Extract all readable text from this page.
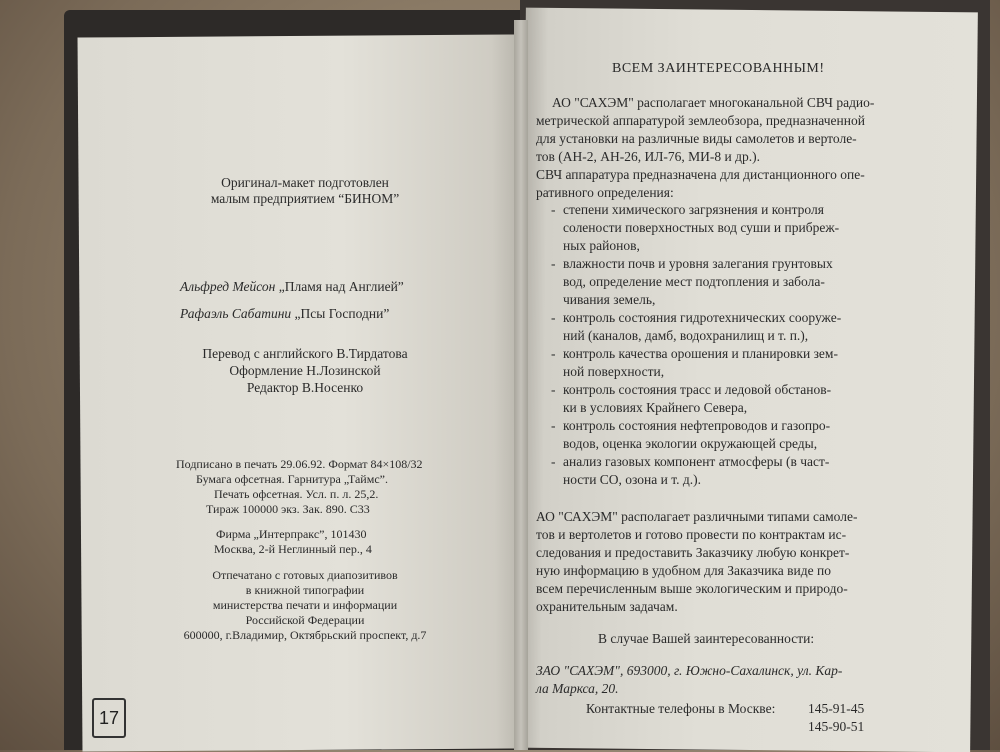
Оригинал-макет подготовлен
малым предприятием “БИНОМ”
Альфред Мейсон „Пламя над Англией”
Рафаэль Сабатини „Псы Господни”
Перевод с английского В.Тирдатова
Оформление Н.Лозинской
Редактор В.Носенко
Подписано в печать 29.06.92. Формат 84×108/32
Бумага офсетная. Гарнитура „Таймс”.
Печать офсетная. Усл. п. л. 25,2.
Тираж 100000 экз. Зак. 890. С33
Фирма „Интерпракс”, 101430
Москва, 2-й Неглинный пер., 4
Отпечатано с готовых диапозитивов
в книжной типографии
министерства печати и информации
Российской Федерации
600000, г.Владимир, Октябрьский проспект, д.7
17
ВСЕМ ЗАИНТЕРЕСОВАННЫМ!
АО "САХЭМ" располагает многоканальной СВЧ радио-
метрической аппаратурой землеобзора, предназначенной
для установки на различные виды самолетов и вертоле-
тов (АН-2, АН-26, ИЛ-76, МИ-8 и др.).
СВЧ аппаратура предназначена для дистанционного опе-
ративного определения:
- степени химического загрязнения и контроля
солености поверхностных вод суши и прибреж-
ных районов,
- влажности почв и уровня залегания грунтовых
вод, определение мест подтопления и забола-
чивания земель,
- контроль состояния гидротехнических сооруже-
ний (каналов, дамб, водохранилищ и т. п.),
- контроль качества орошения и планировки зем-
ной поверхности,
- контроль состояния трасс и ледовой обстанов-
ки в условиях Крайнего Севера,
- контроль состояния нефтепроводов и газопро-
водов, оценка экологии окружающей среды,
- анализ газовых компонент атмосферы (в част-
ности СО, озона и т. д.).
АО "САХЭМ" располагает различными типами самоле-
тов и вертолетов и готово провести по контрактам ис-
следования и предоставить Заказчику любую конкрет-
ную информацию в удобном для Заказчика виде по
всем перечисленным выше экологическим и природо-
охранительным задачам.
В случае Вашей заинтересованности:
ЗАО "САХЭМ", 693000, г. Южно-Сахалинск, ул. Кар-
ла Маркса, 20.
Контактные телефоны в Москве: 145-91-45
145-90-51
